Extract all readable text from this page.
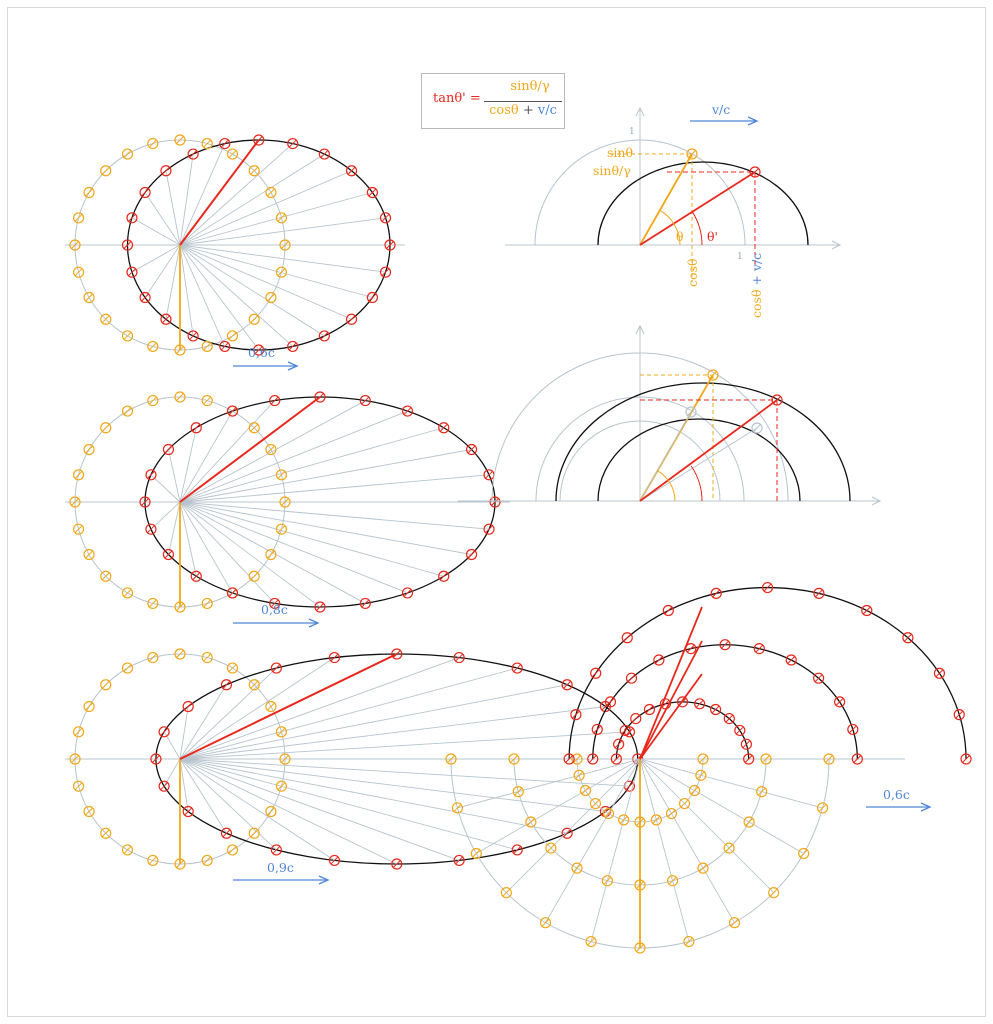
tanθ' =
sinθ/γ
cosθ + v/c
0,6c
0,8c
0,9c
0,6c
v/c
sinθ
sinθ/γ
θ θ'
1
1
cosθ
cosθ + v/c
